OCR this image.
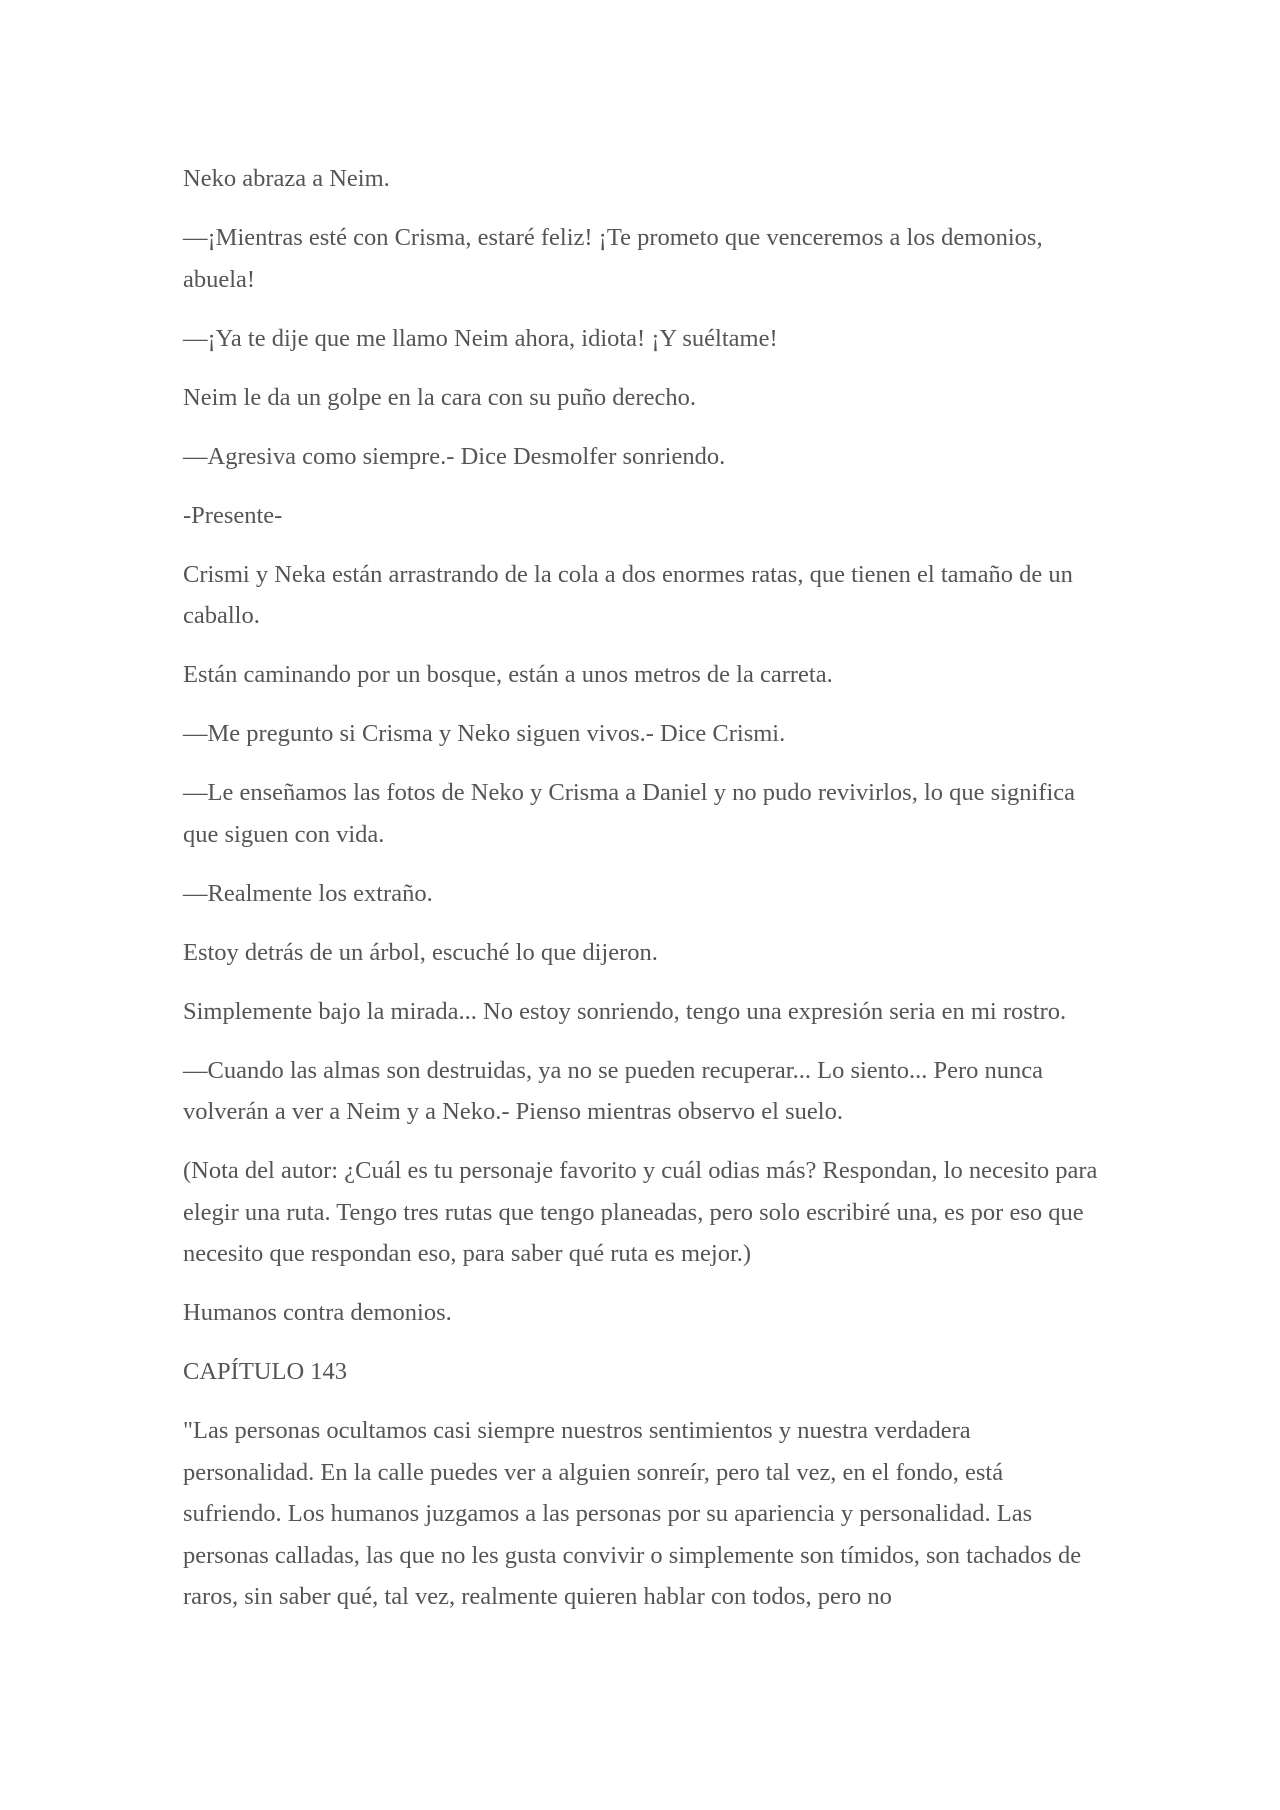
Neko abraza a Neim.

—¡Mientras esté con Crisma, estaré feliz! ¡Te prometo que venceremos a los demonios, abuela!

—¡Ya te dije que me llamo Neim ahora, idiota! ¡Y suéltame!

Neim le da un golpe en la cara con su puño derecho.

—Agresiva como siempre.- Dice Desmolfer sonriendo.

-Presente-

Crismi y Neka están arrastrando de la cola a dos enormes ratas, que tienen el tamaño de un caballo.

Están caminando por un bosque, están a unos metros de la carreta.

—Me pregunto si Crisma y Neko siguen vivos.- Dice Crismi.

—Le enseñamos las fotos de Neko y Crisma a Daniel y no pudo revivirlos, lo que significa que siguen con vida.

—Realmente los extraño.

Estoy detrás de un árbol, escuché lo que dijeron.

Simplemente bajo la mirada... No estoy sonriendo, tengo una expresión seria en mi rostro.

—Cuando las almas son destruidas, ya no se pueden recuperar... Lo siento... Pero nunca volverán a ver a Neim y a Neko.- Pienso mientras observo el suelo.

(Nota del autor: ¿Cuál es tu personaje favorito y cuál odias más? Respondan, lo necesito para elegir una ruta. Tengo tres rutas que tengo planeadas, pero solo escribiré una, es por eso que necesito que respondan eso, para saber qué ruta es mejor.)

Humanos contra demonios.

CAPÍTULO 143

"Las personas ocultamos casi siempre nuestros sentimientos y nuestra verdadera personalidad. En la calle puedes ver a alguien sonreír, pero tal vez, en el fondo, está sufriendo. Los humanos juzgamos a las personas por su apariencia y personalidad. Las personas calladas, las que no les gusta convivir o simplemente son tímidos, son tachados de raros, sin saber qué, tal vez, realmente quieren hablar con todos, pero no
